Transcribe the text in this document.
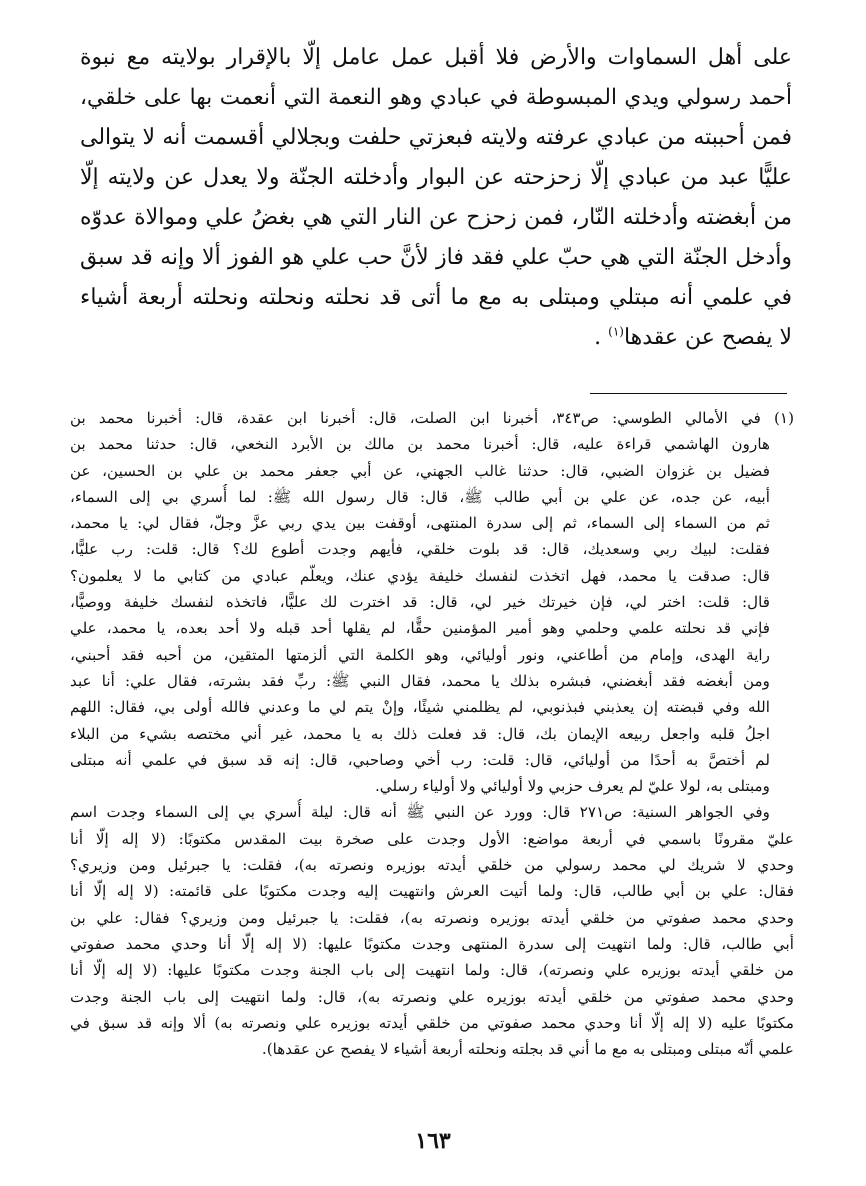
على أهل السماوات والأرض فلا أقبل عمل عامل إلّا بالإقرار بولايته مع نبوة
أحمد رسولي ويدي المبسوطة في عبادي وهو النعمة التي أنعمت بها على خلقي،
فمن أحببته من عبادي عرفته ولايته فبعزتي حلفت وبجلالي أقسمت أنه لا يتوالى
عليًّا عبد من عبادي إلّا زحزحته عن البوار وأدخلته الجنّة ولا يعدل عن ولايته إلّا
من أبغضته وأدخلته النّار، فمن زحزح عن النار التي هي بغضُ علي وموالاة عدوّه
وأدخل الجنّة التي هي حبّ علي فقد فاز لأنَّ حب علي هو الفوز ألا وإنه قد سبق
في علمي أنه مبتلي ومبتلى به مع ما أتى قد نحلته ونحلته ونحلته أربعة أشياء
لا يفصح عن عقدها$^{(١)}$ .
(١) في الأمالي الطوسي: ص٣٤٣، أخبرنا ابن الصلت، قال: أخبرنا ابن عقدة، قال: أخبرنا محمد بن
هارون الهاشمي قراءة عليه، قال: أخبرنا محمد بن مالك بن الأبرد النخعي، قال: حدثنا محمد بن
فضيل بن غزوان الضبي، قال: حدثنا غالب الجهني، عن أبي جعفر محمد بن علي بن الحسين، عن
أبيه، عن جده، عن علي بن أبي طالب ﷺ، قال: قال رسول الله ﷺ: لما أُسري بي إلى السماء،
ثم من السماء إلى السماء، ثم إلى سدرة المنتهى، أوقفت بين يدي ربي عزَّ وجلّ، فقال لي: يا محمد،
فقلت: لبيك ربي وسعديك، قال: قد بلوت خلقي، فأيهم وجدت أطوع لك؟ قال: قلت: رب عليًّا،
قال: صدقت يا محمد، فهل اتخذت لنفسك خليفة يؤدي عنك، ويعلّم عبادي من كتابي ما لا يعلمون؟
قال: قلت: اختر لي، فإن خيرتك خير لي، قال: قد اخترت لك عليًّا، فاتخذه لنفسك خليفة ووصيًّا،
فإني قد نحلته علمي وحلمي وهو أمير المؤمنين حقًّا، لم يقلها أحد قبله ولا أحد بعده، يا محمد، علي
راية الهدى، وإمام من أطاعني، ونور أوليائي، وهو الكلمة التي ألزمتها المتقين، من أحبه فقد أحبني،
ومن أبغضه فقد أبغضني، فبشره بذلك يا محمد، فقال النبي ﷺ: ربِّ فقد بشرته، فقال علي: أنا عبد
الله وفي قبضته إن يعذبني فبذنوبي، لم يظلمني شيئًا، وإنْ يتم لي ما وعدني فالله أولى بي، فقال: اللهم
اجلُ قلبه واجعل ربيعه الإيمان بك، قال: قد فعلت ذلك به يا محمد، غير أني مختصه بشيء من البلاء
لم أختصَّ به أحدًا من أوليائي، قال: قلت: رب أخي وصاحبي، قال: إنه قد سبق في علمي أنه مبتلى
ومبتلى به، لولا عليّ لم يعرف حزبي ولا أوليائي ولا أولياء رسلي.
وفي الجواهر السنية: ص٢٧١ قال: وورد عن النبي ﷺ أنه قال: ليلة أُسري بي إلى السماء وجدت اسم
عليّ مقرونًا باسمي في أربعة مواضع: الأول وجدت على صخرة بيت المقدس مكتوبًا: (لا إله إلّا أنا
وحدي لا شريك لي محمد رسولي من خلقي أيدته بوزيره ونصرته به)، فقلت: يا جبرئيل ومن وزيري؟
فقال: علي بن أبي طالب، قال: ولما أتيت العرش وانتهيت إليه وجدت مكتوبًا على قائمته: (لا إله إلّا أنا
وحدي محمد صفوتي من خلقي أيدته بوزيره ونصرته به)، فقلت: يا جبرئيل ومن وزيري؟ فقال: علي بن
أبي طالب، قال: ولما انتهيت إلى سدرة المنتهى وجدت مكتوبًا عليها: (لا إله إلّا أنا وحدي محمد صفوتي
من خلقي أيدته بوزيره علي ونصرته)، قال: ولما انتهيت إلى باب الجنة وجدت مكتوبًا عليها: (لا إله إلّا أنا
وحدي محمد صفوتي من خلقي أيدته بوزيره علي ونصرته به)، قال: ولما انتهيت إلى باب الجنة وجدت
مكتوبًا عليه (لا إله إلّا أنا وحدي محمد صفوتي من خلقي أيدته بوزيره علي ونصرته به) ألا وإنه قد سبق في
علمي أنّه مبتلى ومبتلى به مع ما أني قد بجلته ونحلته أربعة أشياء لا يفصح عن عقدها).
١٦٣
